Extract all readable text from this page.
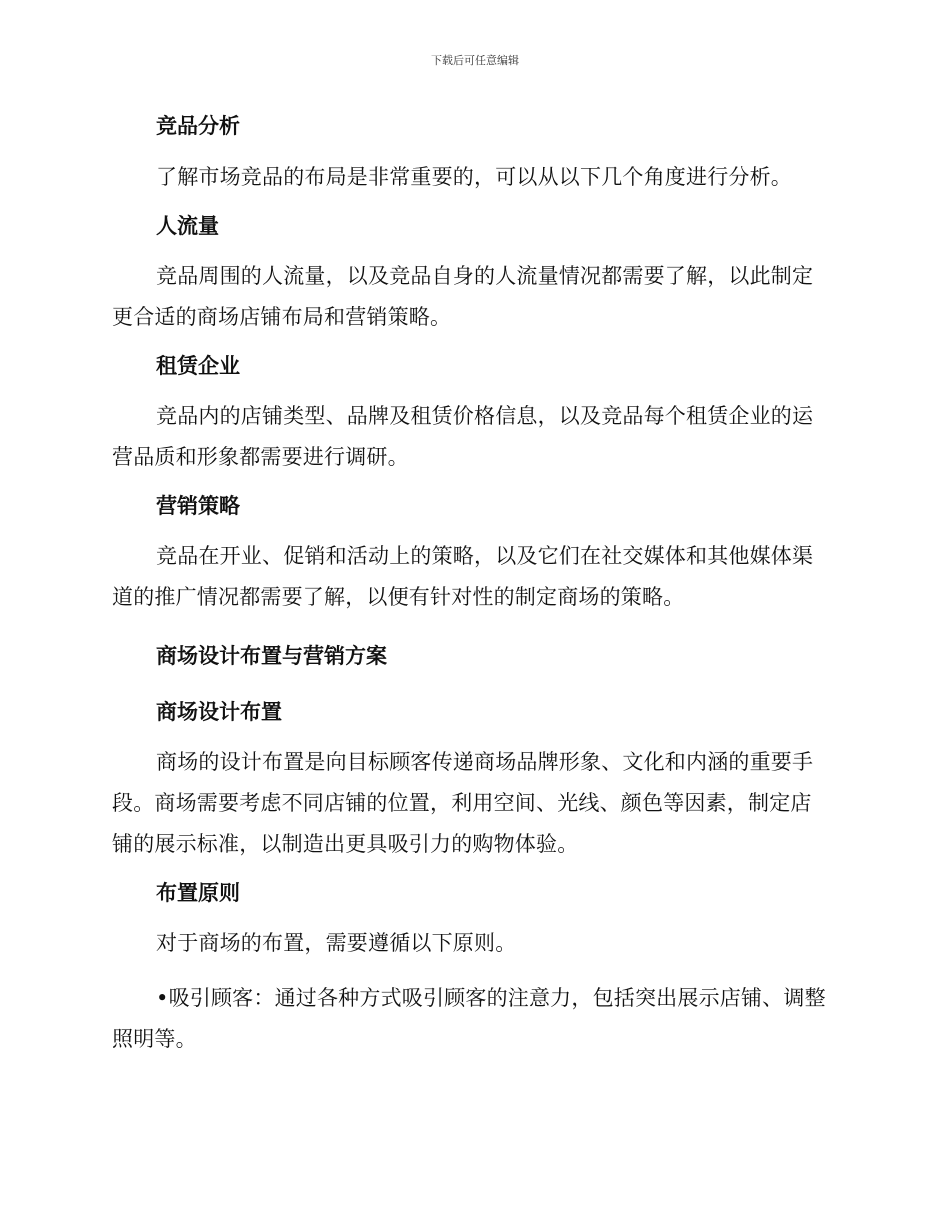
下载后可任意编辑
竞品分析

了解市场竞品的布局是非常重要的，可以从以下几个角度进行分析。

人流量

竞品周围的人流量，以及竞品自身的人流量情况都需要了解，以此制定更合适的商场店铺布局和营销策略。

租赁企业

竞品内的店铺类型、品牌及租赁价格信息，以及竞品每个租赁企业的运营品质和形象都需要进行调研。

营销策略

竞品在开业、促销和活动上的策略，以及它们在社交媒体和其他媒体渠道的推广情况都需要了解，以便有针对性的制定商场的策略。

商场设计布置与营销方案
商场设计布置

商场的设计布置是向目标顾客传递商场品牌形象、文化和内涵的重要手段。商场需要考虑不同店铺的位置，利用空间、光线、颜色等因素，制定店铺的展示标准，以制造出更具吸引力的购物体验。

布置原则

对于商场的布置，需要遵循以下原则。

•吸引顾客：通过各种方式吸引顾客的注意力，包括突出展示店铺、调整照明等。
